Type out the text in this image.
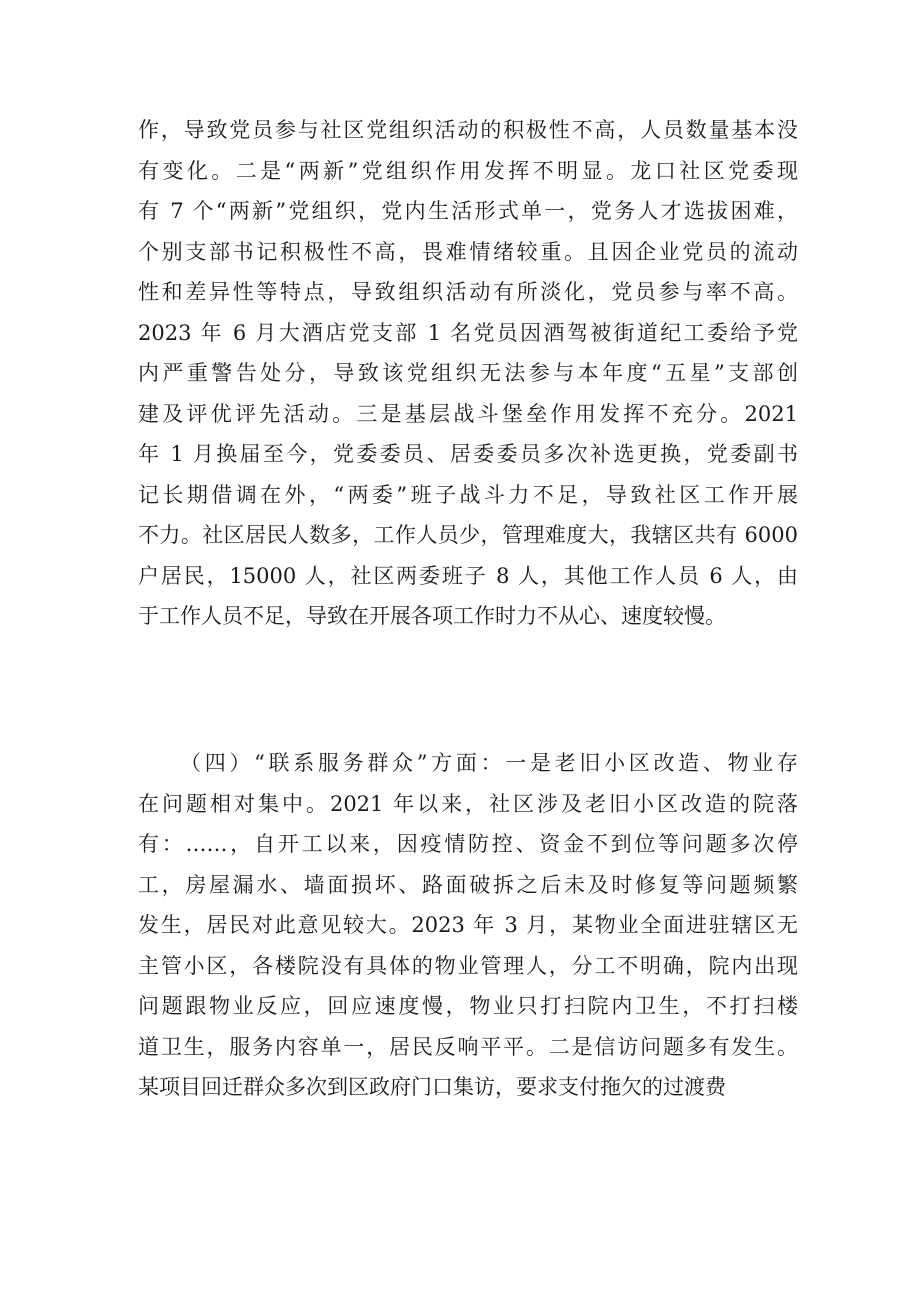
作，导致党员参与社区党组织活动的积极性不高，人员数量基本没
有变化。二是“两新”党组织作用发挥不明显。龙口社区党委现
有 7 个“两新”党组织，党内生活形式单一，党务人才选拔困难，
个别支部书记积极性不高，畏难情绪较重。且因企业党员的流动
性和差异性等特点，导致组织活动有所淡化，党员参与率不高。
2023 年 6 月大酒店党支部 1 名党员因酒驾被街道纪工委给予党
内严重警告处分，导致该党组织无法参与本年度“五星”支部创
建及评优评先活动。三是基层战斗堡垒作用发挥不充分。2021
年 1 月换届至今，党委委员、居委委员多次补选更换，党委副书
记长期借调在外，“两委”班子战斗力不足，导致社区工作开展
不力。社区居民人数多，工作人员少，管理难度大，我辖区共有 6000
户居民，15000 人，社区两委班子 8 人，其他工作人员 6 人，由
于工作人员不足，导致在开展各项工作时力不从心、速度较慢。
（四）“联系服务群众”方面：一是老旧小区改造、物业存
在问题相对集中。2021 年以来，社区涉及老旧小区改造的院落
有：……，自开工以来，因疫情防控、资金不到位等问题多次停
工，房屋漏水、墙面损坏、路面破拆之后未及时修复等问题频繁
发生，居民对此意见较大。2023 年 3 月，某物业全面进驻辖区无
主管小区，各楼院没有具体的物业管理人，分工不明确，院内出现
问题跟物业反应，回应速度慢，物业只打扫院内卫生，不打扫楼
道卫生，服务内容单一，居民反响平平。二是信访问题多有发生。
某项目回迁群众多次到区政府门口集访，要求支付拖欠的过渡费
